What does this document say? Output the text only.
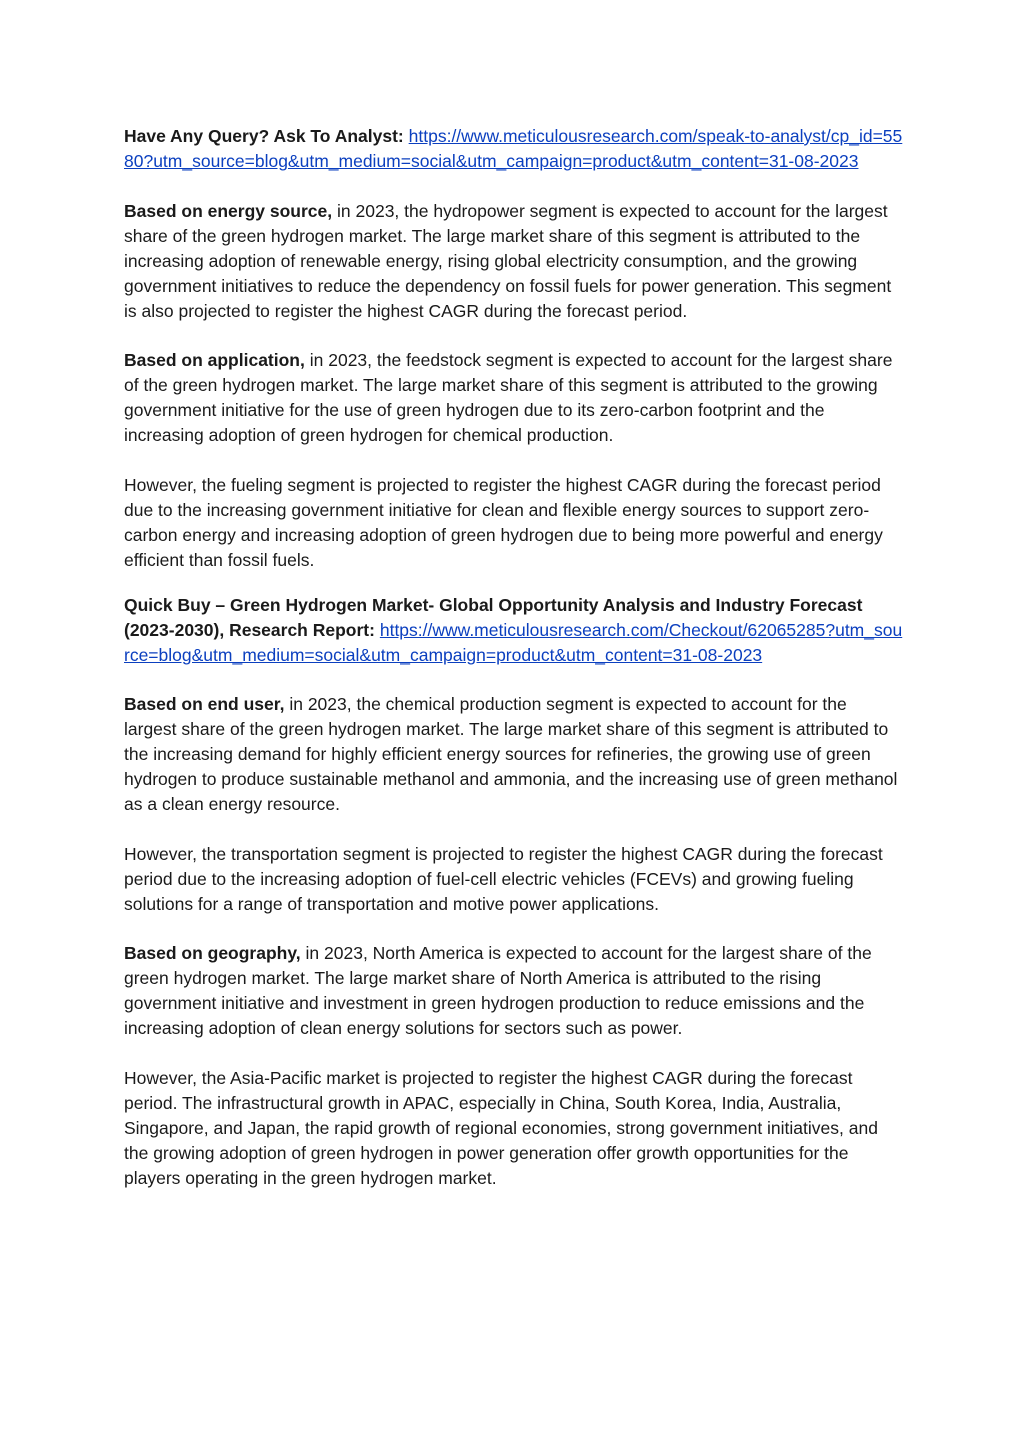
Have Any Query? Ask To Analyst: https://www.meticulousresearch.com/speak-to-analyst/cp_id=5580?utm_source=blog&utm_medium=social&utm_campaign=product&utm_content=31-08-2023

Based on energy source, in 2023, the hydropower segment is expected to account for the largest share of the green hydrogen market. The large market share of this segment is attributed to the increasing adoption of renewable energy, rising global electricity consumption, and the growing government initiatives to reduce the dependency on fossil fuels for power generation. This segment is also projected to register the highest CAGR during the forecast period.

Based on application, in 2023, the feedstock segment is expected to account for the largest share of the green hydrogen market. The large market share of this segment is attributed to the growing government initiative for the use of green hydrogen due to its zero-carbon footprint and the increasing adoption of green hydrogen for chemical production.

However, the fueling segment is projected to register the highest CAGR during the forecast period due to the increasing government initiative for clean and flexible energy sources to support zero-carbon energy and increasing adoption of green hydrogen due to being more powerful and energy efficient than fossil fuels.

Quick Buy – Green Hydrogen Market- Global Opportunity Analysis and Industry Forecast (2023-2030), Research Report: https://www.meticulousresearch.com/Checkout/62065285?utm_source=blog&utm_medium=social&utm_campaign=product&utm_content=31-08-2023

Based on end user, in 2023, the chemical production segment is expected to account for the largest share of the green hydrogen market. The large market share of this segment is attributed to the increasing demand for highly efficient energy sources for refineries, the growing use of green hydrogen to produce sustainable methanol and ammonia, and the increasing use of green methanol as a clean energy resource.

However, the transportation segment is projected to register the highest CAGR during the forecast period due to the increasing adoption of fuel-cell electric vehicles (FCEVs) and growing fueling solutions for a range of transportation and motive power applications.

Based on geography, in 2023, North America is expected to account for the largest share of the green hydrogen market. The large market share of North America is attributed to the rising government initiative and investment in green hydrogen production to reduce emissions and the increasing adoption of clean energy solutions for sectors such as power.

However, the Asia-Pacific market is projected to register the highest CAGR during the forecast period. The infrastructural growth in APAC, especially in China, South Korea, India, Australia, Singapore, and Japan, the rapid growth of regional economies, strong government initiatives, and the growing adoption of green hydrogen in power generation offer growth opportunities for the players operating in the green hydrogen market.
